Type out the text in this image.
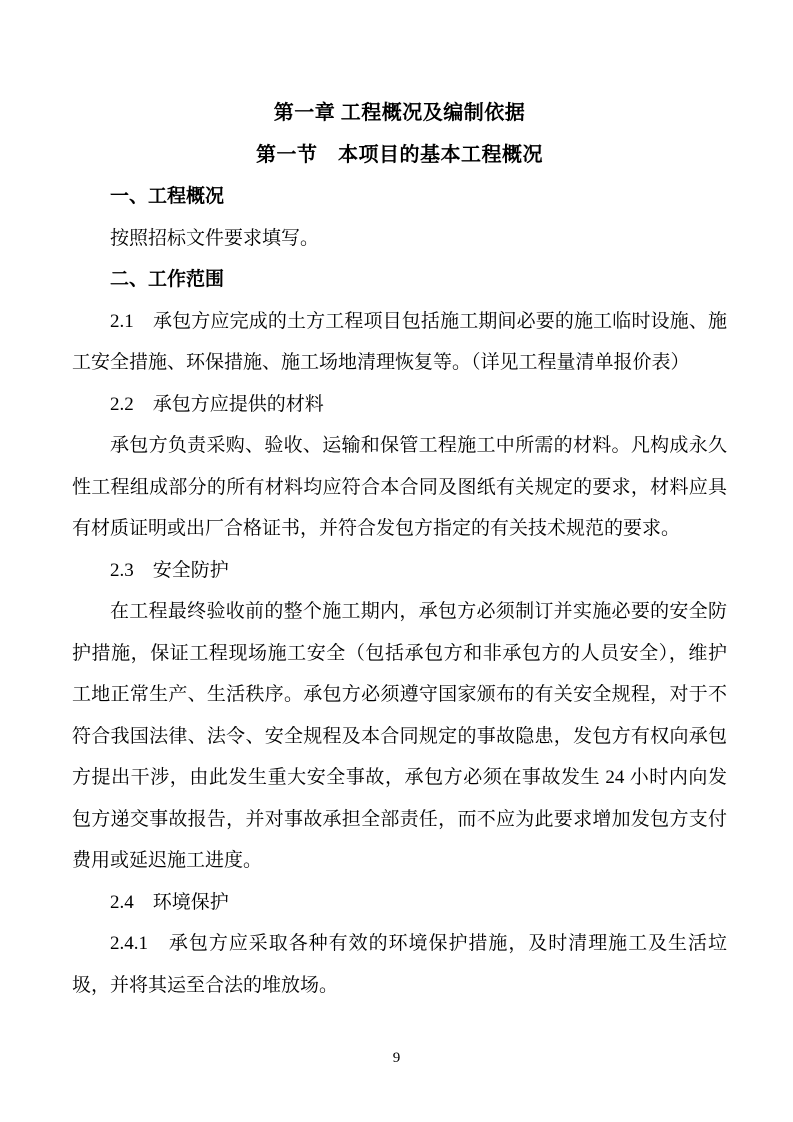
第一章 工程概况及编制依据
第一节　本项目的基本工程概况

一、工程概况

按照招标文件要求填写。

二、工作范围

2.1　承包方应完成的土方工程项目包括施工期间必要的施工临时设施、施工安全措施、环保措施、施工场地清理恢复等。（详见工程量清单报价表）

2.2　承包方应提供的材料

承包方负责采购、验收、运输和保管工程施工中所需的材料。凡构成永久性工程组成部分的所有材料均应符合本合同及图纸有关规定的要求，材料应具有材质证明或出厂合格证书，并符合发包方指定的有关技术规范的要求。

2.3　安全防护

在工程最终验收前的整个施工期内，承包方必须制订并实施必要的安全防护措施，保证工程现场施工安全（包括承包方和非承包方的人员安全），维护工地正常生产、生活秩序。承包方必须遵守国家颁布的有关安全规程，对于不符合我国法律、法令、安全规程及本合同规定的事故隐患，发包方有权向承包方提出干涉，由此发生重大安全事故，承包方必须在事故发生 24 小时内向发包方递交事故报告，并对事故承担全部责任，而不应为此要求增加发包方支付费用或延迟施工进度。

2.4　环境保护

2.4.1　承包方应采取各种有效的环境保护措施，及时清理施工及生活垃圾，并将其运至合法的堆放场。

9
